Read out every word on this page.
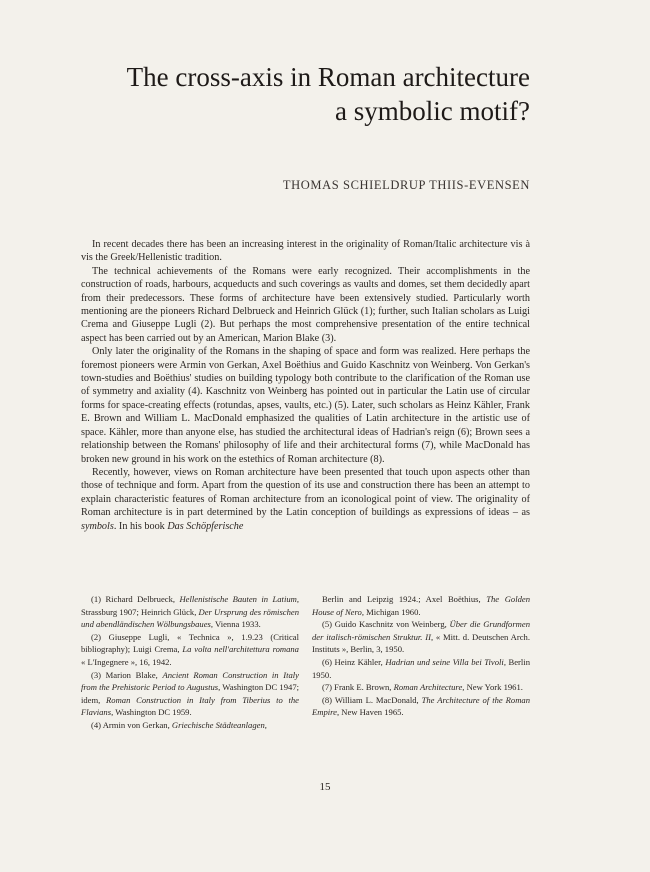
The cross-axis in Roman architecture
a symbolic motif?
THOMAS SCHIELDRUP THIIS-EVENSEN

In recent decades there has been an increasing interest in the originality of Roman/Italic architecture vis à vis the Greek/Hellenistic tradition.

The technical achievements of the Romans were early recognized. Their accomplishments in the construction of roads, harbours, acqueducts and such coverings as vaults and domes, set them decidedly apart from their predecessors. These forms of architecture have been extensively studied. Particularly worth mentioning are the pioneers Richard Delbrueck and Heinrich Glück (1); further, such Italian scholars as Luigi Crema and Giuseppe Lugli (2). But perhaps the most comprehensive presentation of the entire technical aspect has been carried out by an American, Marion Blake (3).

Only later the originality of the Romans in the shaping of space and form was realized. Here perhaps the foremost pioneers were Armin von Gerkan, Axel Boëthius and Guido Kaschnitz von Weinberg. Von Gerkan's town-studies and Boëthius' studies on building typology both contribute to the clarification of the Roman use of symmetry and axiality (4). Kaschnitz von Weinberg has pointed out in particular the Latin use of circular forms for space-creating effects (rotundas, apses, vaults, etc.) (5). Later, such scholars as Heinz Kähler, Frank E. Brown and William L. MacDonald emphasized the qualities of Latin architecture in the artistic use of space. Kähler, more than anyone else, has studied the architectural ideas of Hadrian's reign (6); Brown sees a relationship between the Romans' philosophy of life and their architectural forms (7), while MacDonald has broken new ground in his work on the estethics of Roman architecture (8).

Recently, however, views on Roman architecture have been presented that touch upon aspects other than those of technique and form. Apart from the question of its use and construction there has been an attempt to explain characteristic features of Roman architecture from an iconological point of view. The originality of Roman architecture is in part determined by the Latin conception of buildings as expressions of ideas – as symbols. In his book Das Schöpferische

(1) Richard Delbrueck, Hellenistische Bauten in Latium, Strassburg 1907; Heinrich Glück, Der Ursprung des römischen und abendländischen Wölbungsbaues, Vienna 1933.

(2) Giuseppe Lugli, « Technica », 1.9.23 (Critical bibliography); Luigi Crema, La volta nell'architettura romana « L'Ingegnere », 16, 1942.

(3) Marion Blake, Ancient Roman Construction in Italy from the Prehistoric Period to Augustus, Washington DC 1947; idem, Roman Construction in Italy from Tiberius to the Flavians, Washington DC 1959.

(4) Armin von Gerkan, Griechische Städteanlagen,

Berlin and Leipzig 1924.; Axel Boëthius, The Golden House of Nero, Michigan 1960.

(5) Guido Kaschnitz von Weinberg, Über die Grundformen der italisch-römischen Struktur. II, « Mitt. d. Deutschen Arch. Instituts », Berlin, 3, 1950.

(6) Heinz Kähler, Hadrian und seine Villa bei Tivoli, Berlin 1950.

(7) Frank E. Brown, Roman Architecture, New York 1961.

(8) William L. MacDonald, The Architecture of the Roman Empire, New Haven 1965.

15
